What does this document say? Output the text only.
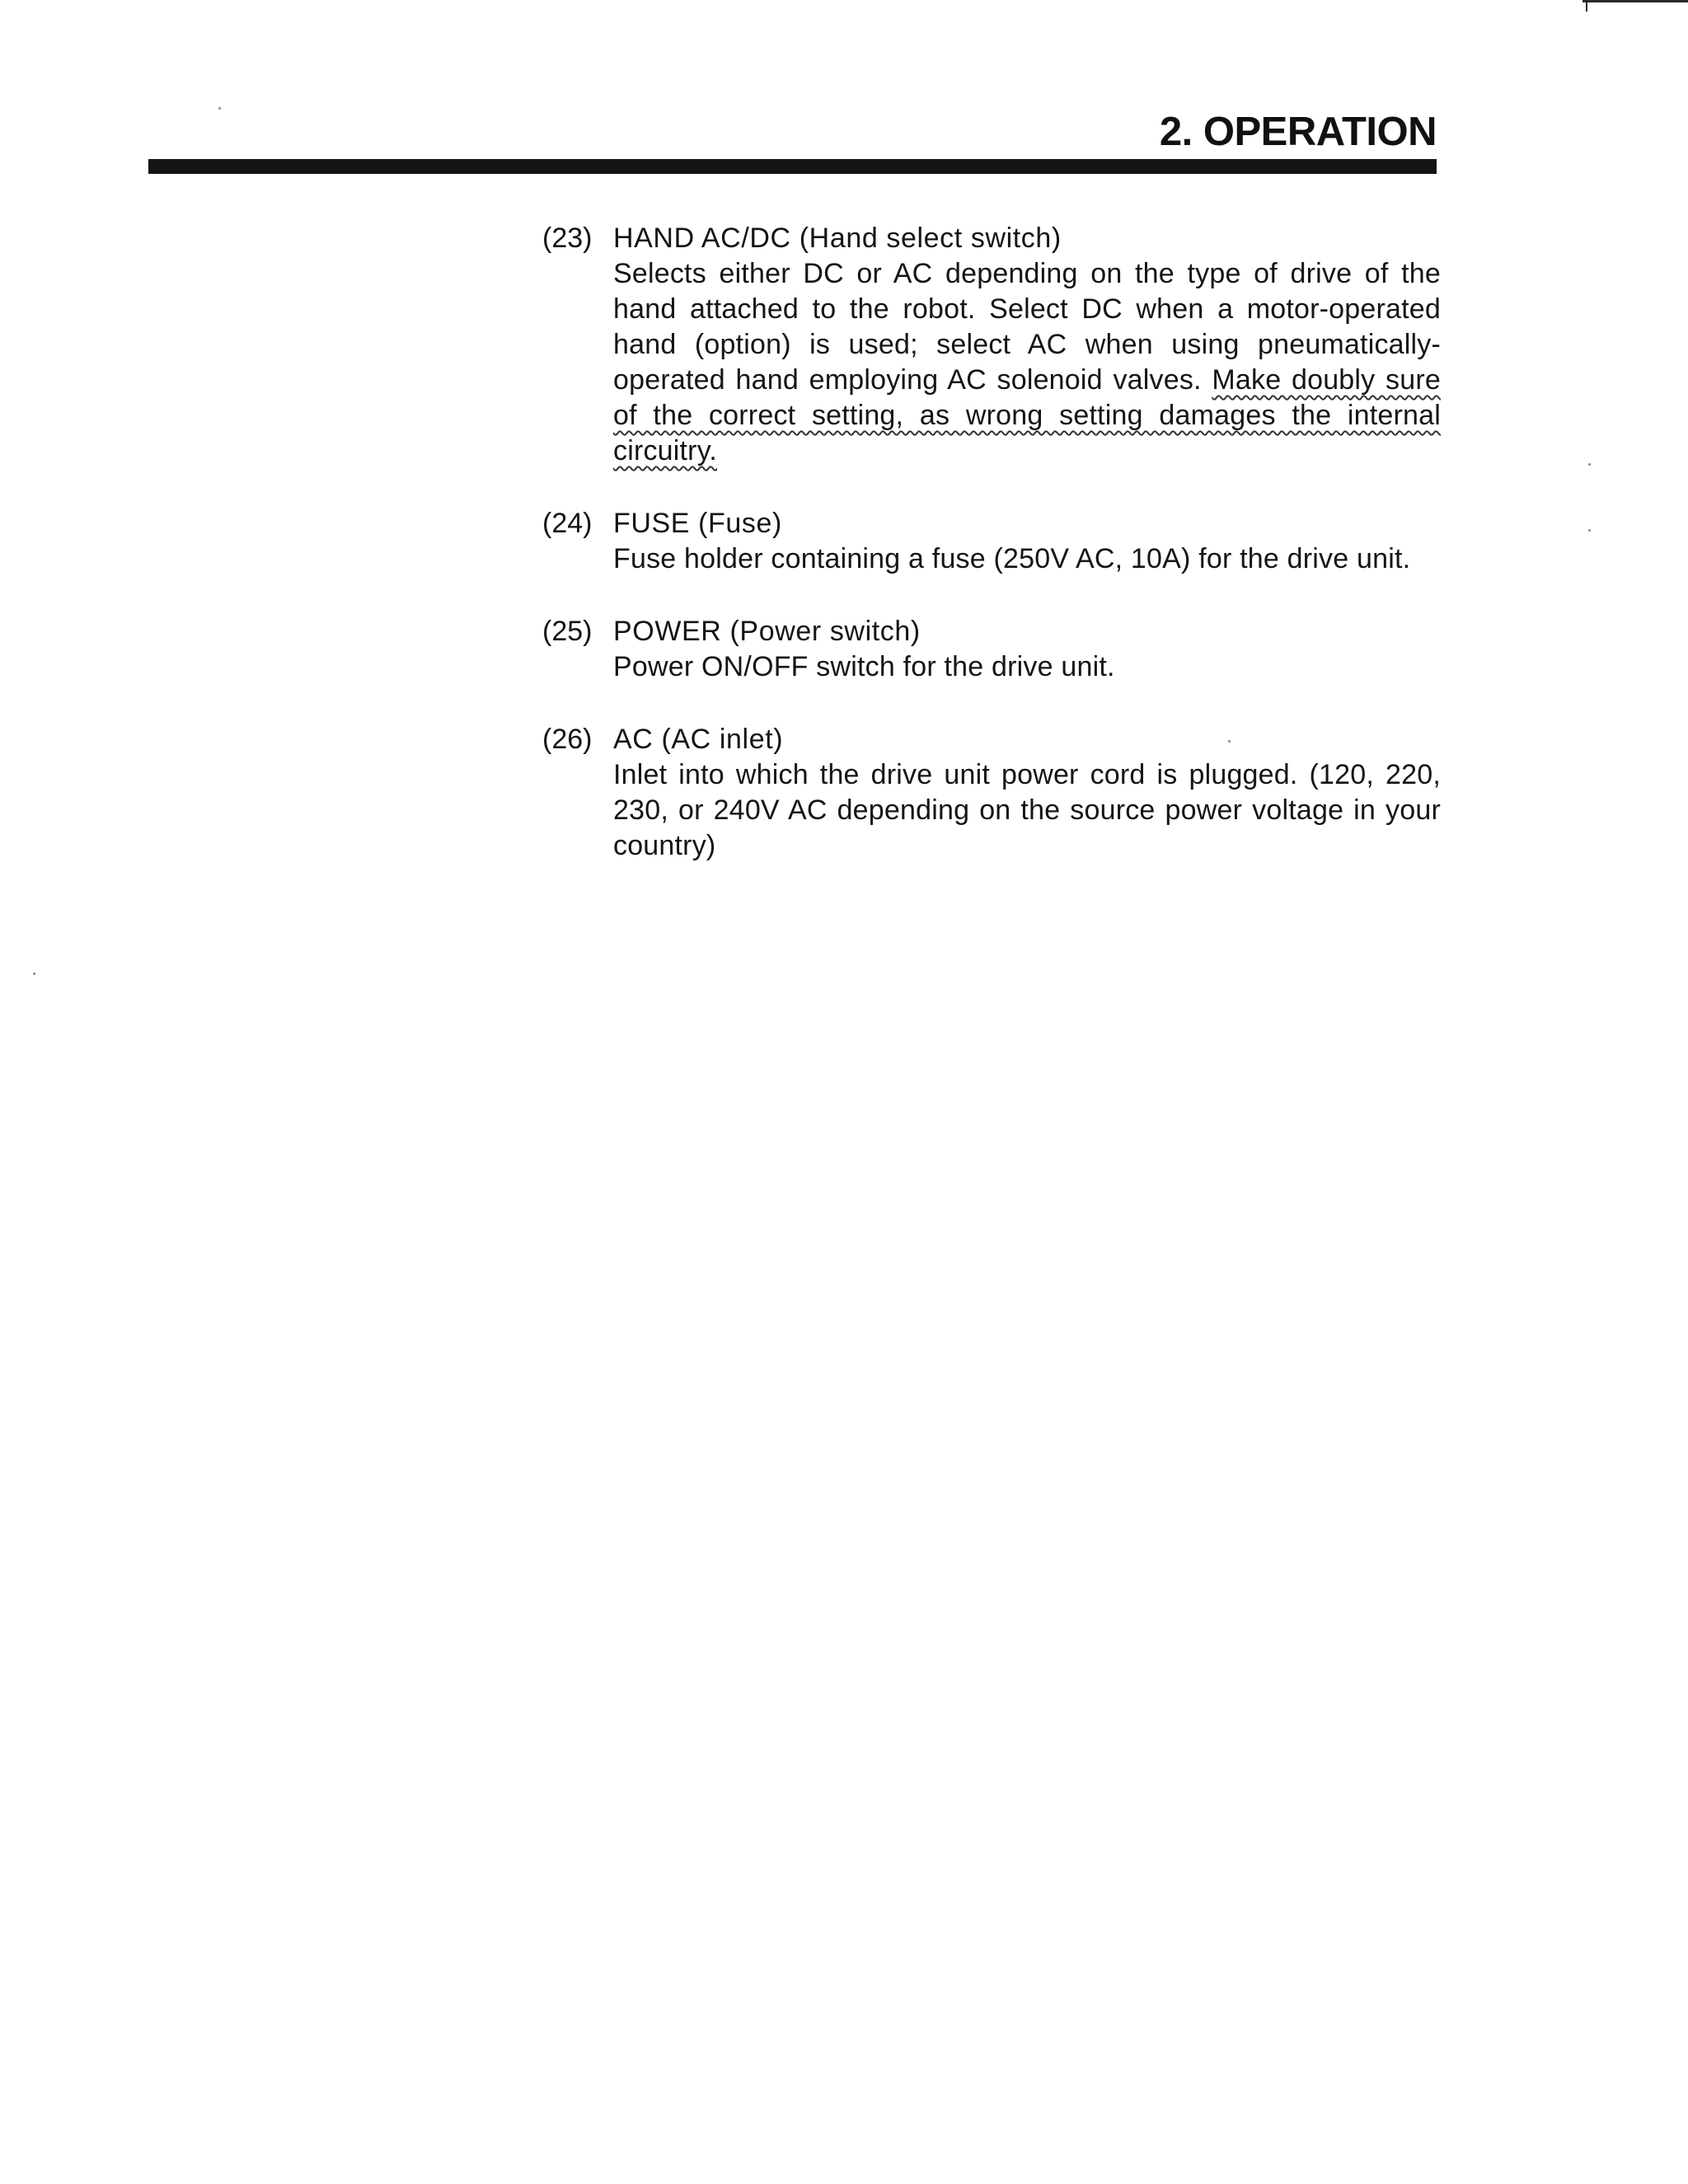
2. OPERATION
(23) HAND AC/DC (Hand select switch)
Selects either DC or AC depending on the type of drive of the hand attached to the robot. Select DC when a motor-operated hand (option) is used; select AC when using pneumatically-operated hand employing AC solenoid valves. Make doubly sure of the correct setting, as wrong setting damages the internal circuitry.
(24) FUSE (Fuse)
Fuse holder containing a fuse (250V AC, 10A) for the drive unit.
(25) POWER (Power switch)
Power ON/OFF switch for the drive unit.
(26) AC (AC inlet)
Inlet into which the drive unit power cord is plugged. (120, 220, 230, or 240V AC depending on the source power voltage in your country)
